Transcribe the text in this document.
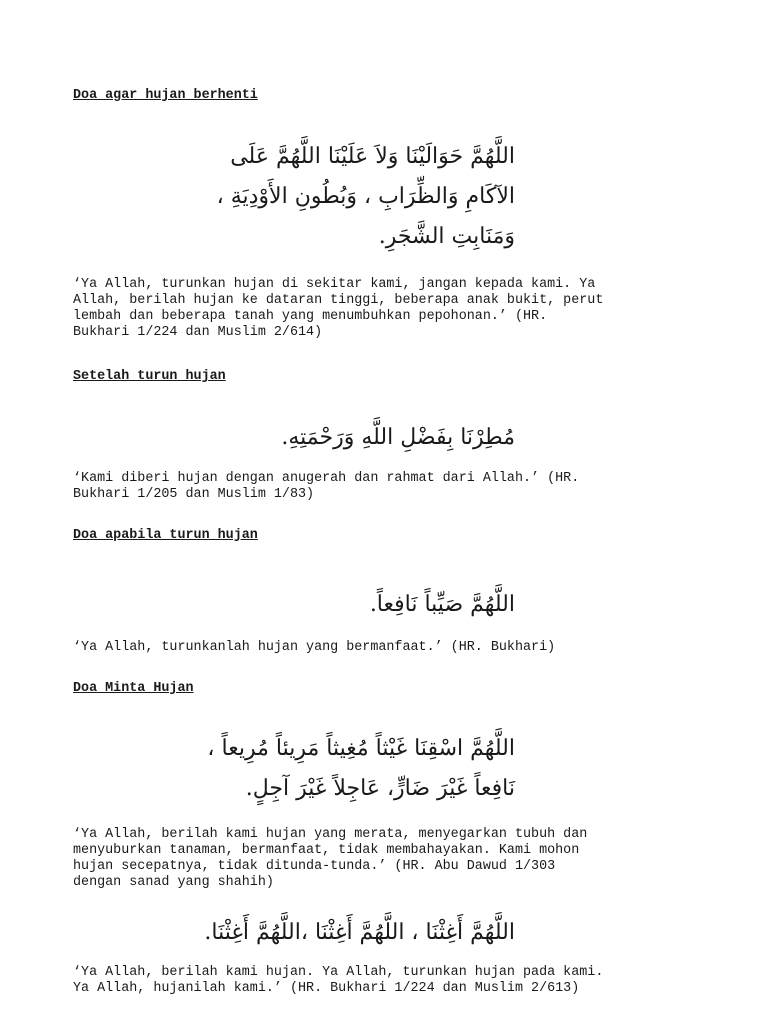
Doa agar hujan berhenti
اللَّهُمَّ حَوَالَيْنَا وَلاَ عَلَيْنَا اللَّهُمَّ عَلَى
الآكَامِ وَالظِّرَابِ ، وَبُطُونِ الأَوْدِيَةِ ،
وَمَنَابِتِ الشَّجَرِ.
‘Ya Allah, turunkan hujan di sekitar kami, jangan kepada kami. Ya
Allah, berilah hujan ke dataran tinggi, beberapa anak bukit, perut
lembah dan beberapa tanah yang menumbuhkan pepohonan.’ (HR.
Bukhari 1/224 dan Muslim 2/614)
Setelah turun hujan
مُطِرْنَا بِفَضْلِ اللَّهِ وَرَحْمَتِهِ.
‘Kami diberi hujan dengan anugerah dan rahmat dari Allah.’ (HR.
Bukhari 1/205 dan Muslim 1/83)
Doa apabila turun hujan
اللَّهُمَّ صَيِّباً نَافِعاً.
‘Ya Allah, turunkanlah hujan yang bermanfaat.’ (HR. Bukhari)
Doa Minta Hujan
اللَّهُمَّ اسْقِنَا غَيْثاً مُغِيثاً مَرِيئاً مُرِيعاً ،
نَافِعاً غَيْرَ ضَارٍّ، عَاجِلاً غَيْرَ آجِلٍ.
‘Ya Allah, berilah kami hujan yang merata, menyegarkan tubuh dan
menyuburkan tanaman, bermanfaat, tidak membahayakan. Kami mohon
hujan secepatnya, tidak ditunda-tunda.’ (HR. Abu Dawud 1/303
dengan sanad yang shahih)
اللَّهُمَّ أَغِثْنَا ، اللَّهُمَّ أَغِثْنَا ،اللَّهُمَّ أَغِثْنَا.
‘Ya Allah, berilah kami hujan. Ya Allah, turunkan hujan pada kami.
Ya Allah, hujanilah kami.’ (HR. Bukhari 1/224 dan Muslim 2/613)
